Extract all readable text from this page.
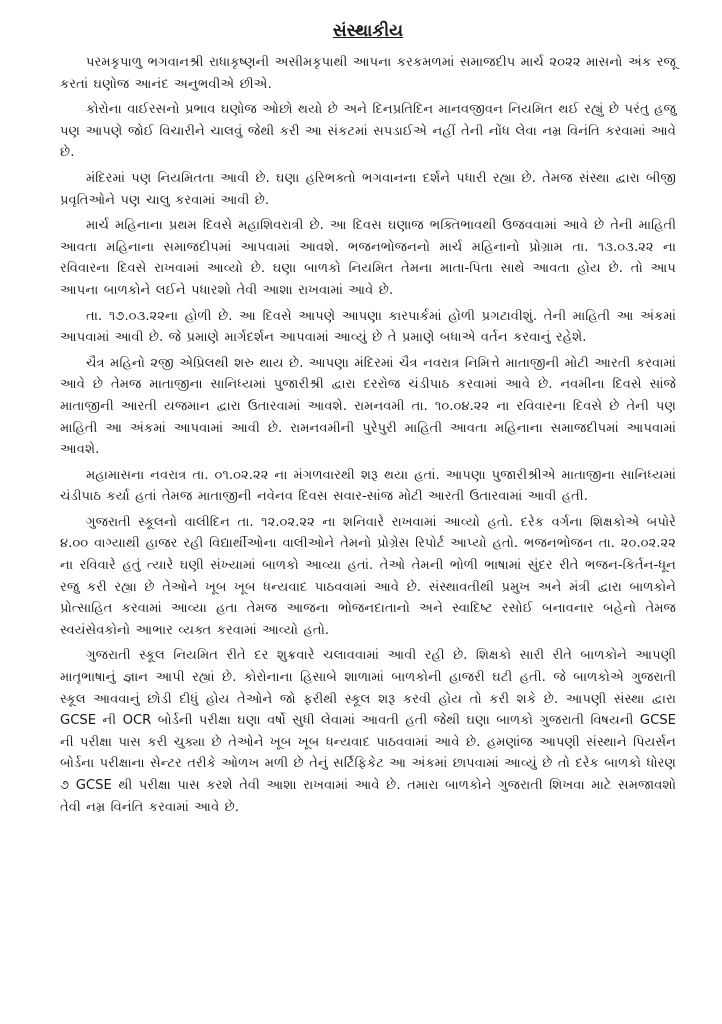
સંસ્થાકીય

પરમકૃપાળુ ભગવાનશ્રી રાધાકૃષ્ણની અસીમકૃપાથી આપના કરકમળમાં સમાજદીપ માર્ચ ૨૦૨૨ માસનો અંક રજૂ કરતાં ઘણોજ આનંદ અનુભવીએ છીએ.

કોરોના વાઈરસનો પ્રભાવ ઘણોજ ઓછો થયો છે અને દિનપ્રતિદિન માનવજીવન નિયમિત થઈ રહ્યું છે પરંતુ હજુ પણ આપણે જોઈ વિચારીને ચાલવું જેથી કરી આ સંકટમાં સપડાઈએ નહીં તેની નોંધ લેવા નમ્ર વિનંતિ કરવામાં આવે છે.

મંદિરમાં પણ નિયમિતતા આવી છે. ઘણા હરિભક્તો ભગવાનના દર્શને પધારી રહ્યા છે. તેમજ સંસ્થા દ્વારા બીજી પ્રવૃતિઓને પણ ચાલુ કરવામાં આવી છે.

માર્ચ મહિનાના પ્રથમ દિવસે મહાશિવરાત્રી છે. આ દિવસ ઘણાજ ભક્તિભાવથી ઉજવવામાં આવે છે તેની માહિતી આવતા મહિનાના સમાજદીપમાં આપવામાં આવશે. ભજનભોજનનો માર્ચ મહિનાનો પ્રોગ્રામ તા. ૧૩.૦૩.૨૨ ના રવિવારના દિવસે રાખવામાં આવ્યો છે. ઘણા બાળકો નિયમિત તેમના માતા-પિતા સાથે આવતા હોય છે. તો આપ આપના બાળકોને લઈને પધારશો તેવી આશા રાખવામાં આવે છે.

તા. ૧૭.૦૩.૨૨ના હોળી છે. આ દિવસે આપણે આપણા કારપાર્કમાં હોળી પ્રગટાવીશું. તેની માહિતી આ અંકમાં આપવામાં આવી છે. જે પ્રમાણે માર્ગદર્શન આપવામાં આવ્યું છે તે પ્રમાણે બધાએ વર્તન કરવાનું રહેશે.

ચૈત્ર મહિનો ૨જી એપ્રિલથી શરુ થાય છે. આપણા મંદિરમાં ચૈત્ર નવરાત્ર નિમિત્તે માતાજીની મોટી આરતી કરવામાં આવે છે તેમજ માતાજીના સાનિધ્યમાં પુજારીશ્રી દ્વારા દરરોજ ચંડીપાઠ કરવામાં આવે છે. નવમીના દિવસે સાંજે માતાજીની આરતી યજમાન દ્વારા ઉતારવામાં આવશે. રામનવમી તા. ૧૦.૦૪.૨૨ ના રવિવારના દિવસે છે તેની પણ માહિતી આ અંકમાં આપવામાં આવી છે. રામનવમીની પુરેપુરી માહિતી આવતા મહિનાના સમાજદીપમાં આપવામાં આવશે.

મહામાસના નવરાત્ર તા. ૦૧.૦૨.૨૨ ના મંગળવારથી શરૂ થયા હતાં. આપણા પુજારીશ્રીએ માતાજીના સાનિધ્યમાં ચંડીપાઠ કર્યા હતાં તેમજ માતાજીની નવેનવ દિવસ સવાર-સાંજ મોટી આરતી ઉતારવામાં આવી હતી.

ગુજરાતી સ્કૂલનો વાલીદિન તા. ૧૨.૦૨.૨૨ ના શનિવારે રાખવામાં આવ્યો હતો. દરેક વર્ગના શિક્ષકોએ બપોરે ૪.૦૦ વાગ્યાથી હાજર રહી વિદ્યાર્થીઓના વાલીઓને તેમનો પ્રોગ્રેસ રિપોર્ટ આપ્યો હતો. ભજનભોજન તા. ૨૦.૦૨.૨૨ ના રવિવારે હતું ત્યારે ઘણી સંખ્યામાં બાળકો આવ્યા હતાં. તેઓ તેમની ભોળી ભાષામાં સુંદર રીતે ભજન-કિર્તન-ધૂન રજુ કરી રહ્યા છે તેઓને ખૂબ ખૂબ ધન્યવાદ પાઠવવામાં આવે છે. સંસ્થાવતીથી પ્રમુખ અને મંત્રી દ્વારા બાળકોને પ્રોત્સાહિત કરવામાં આવ્યા હતા તેમજ આજના ભોજનદાતાનો અને સ્વાદિષ્ટ રસોઈ બનાવનાર બહેનો તેમજ સ્વયંસેવકોનો આભાર વ્યક્ત કરવામાં આવ્યો હતો.

ગુજરાતી સ્કૂલ નિયમિત રીતે દર શુક્રવારે ચલાવવામાં આવી રહી છે. શિક્ષકો સારી રીતે બાળકોને આપણી માતૃભાષાનું જ્ઞાન આપી રહ્યાં છે. કોરોનાના હિસાબે શાળામાં બાળકોની હાજરી ઘટી હતી. જે બાળકોએ ગુજરાતી સ્કૂલ આવવાનું છોડી દીધું હોય તેઓને જો ફરીથી સ્કૂલ શરૂ કરવી હોય તો કરી શકે છે. આપણી સંસ્થા દ્વારા GCSE ની OCR બોર્ડની પરીક્ષા ઘણા વર્ષો સુધી લેવામાં આવતી હતી જેથી ઘણા બાળકો ગુજરાતી વિષયની GCSE ની પરીક્ષા પાસ કરી ચુક્યા છે તેઓને ખૂબ ખૂબ ધન્યવાદ પાઠવવામાં આવે છે. હમણાંજ આપણી સંસ્થાને પિયર્સન બોર્ડના પરીક્ષાના સેન્ટર તરીકે ઓળખ મળી છે તેનું સર્ટિફિકેટ આ અંકમાં છાપવામાં આવ્યું છે તો દરેક બાળકો ધોરણ ૭ GCSE થી પરીક્ષા પાસ કરશે તેવી આશા રાખવામાં આવે છે. તમારા બાળકોને ગુજરાતી શિખવા માટે સમજાવશો તેવી નમ્ર વિનંતિ કરવામાં આવે છે.
